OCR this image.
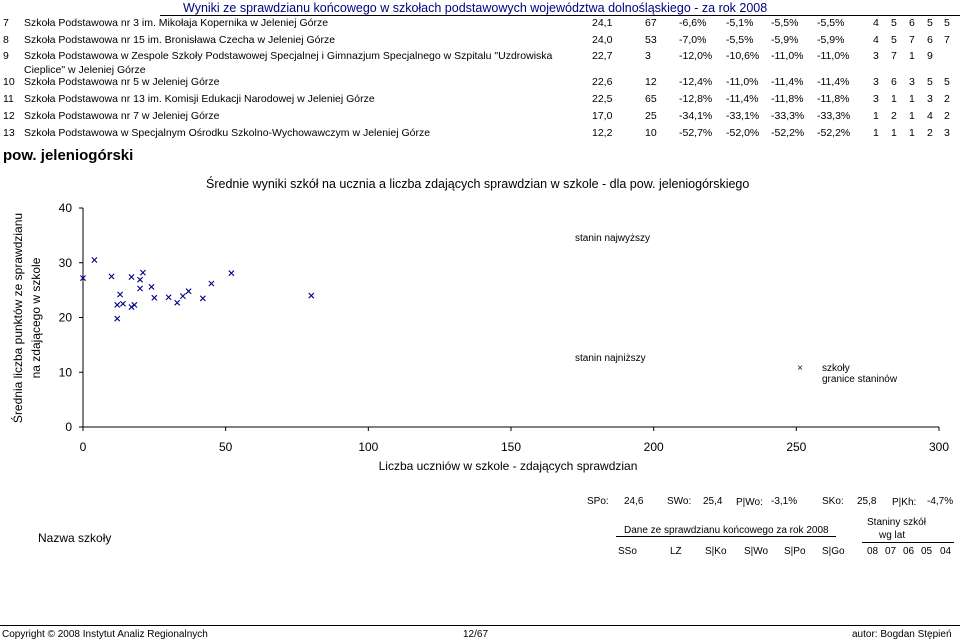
Wyniki ze sprawdzianu końcowego w szkołach podstawowych województwa dolnośląskiego - za rok 2008
7 Szkoła Podstawowa nr 3 im. Mikołaja Kopernika w Jeleniej Górze	24,1	67 -6,6% -5,1% -5,5% -5,5%	4 5 6 5 5
8 Szkoła Podstawowa nr 15 im. Bronisława Czecha w Jeleniej Górze	24,0	53 -7,0% -5,5% -5,9% -5,9%	4 5 7 6 7
9 Szkoła Podstawowa w Zespole Szkoły Podstawowej Specjalnej i Gimnazjum Specjalnego w Szpitalu "Uzdrowiska
Cieplice" w Jeleniej Górze
22,7	3	-12,0% -10,6% -11,0% -11,0% 3 7 1 9
10 Szkoła Podstawowa nr 5 w Jeleniej Górze	22,6	12 -12,4% -11,0% -11,4% -11,4% 3 6 3 5 5
11 Szkoła Podstawowa nr 13 im. Komisji Edukacji Narodowej w Jeleniej Górze	22,5	65 -12,8% -11,4% -11,8% -11,8% 3 1 1 3 2
12 Szkoła Podstawowa nr 7 w Jeleniej Górze	17,0	25 -34,1% -33,1% -33,3% -33,3% 1 2 1 4 2
13 Szkoła Podstawowa w Specjalnym Ośrodku Szkolno-Wychowawczym w Jeleniej Górze	12,2	10 -52,7% -52,0% -52,2% -52,2% 1 1 1 2 3
pow. jeleniogórski
Średnie wyniki szkół na ucznia a liczba zdających sprawdzian w szkole - dla pow. jeleniogórskiego
0	50	100	150	200	250	300
0
10
20
30
40
Średnia liczba punktów ze sprawdzianu na zdającego w szkole
Liczba uczniów w szkole - zdających sprawdzian
stanin najwyższy
stanin najniższy
× szkoły
granice staninów
SPo: 24,6 SWo: 25,4 P|Wo: -3,1% SKo: 25,8 P|Kh: -4,7%
Nazwa szkoły
Dane ze sprawdzianu końcowego za rok 2008
Staniny szkół
wg lat
SSo	LZ S|Ko S|Wo S|Po S|Go 08 07 06 05 04
Copyright © 2008 Instytut Analiz Regionalnych	12/67	autor: Bogdan Stępień
